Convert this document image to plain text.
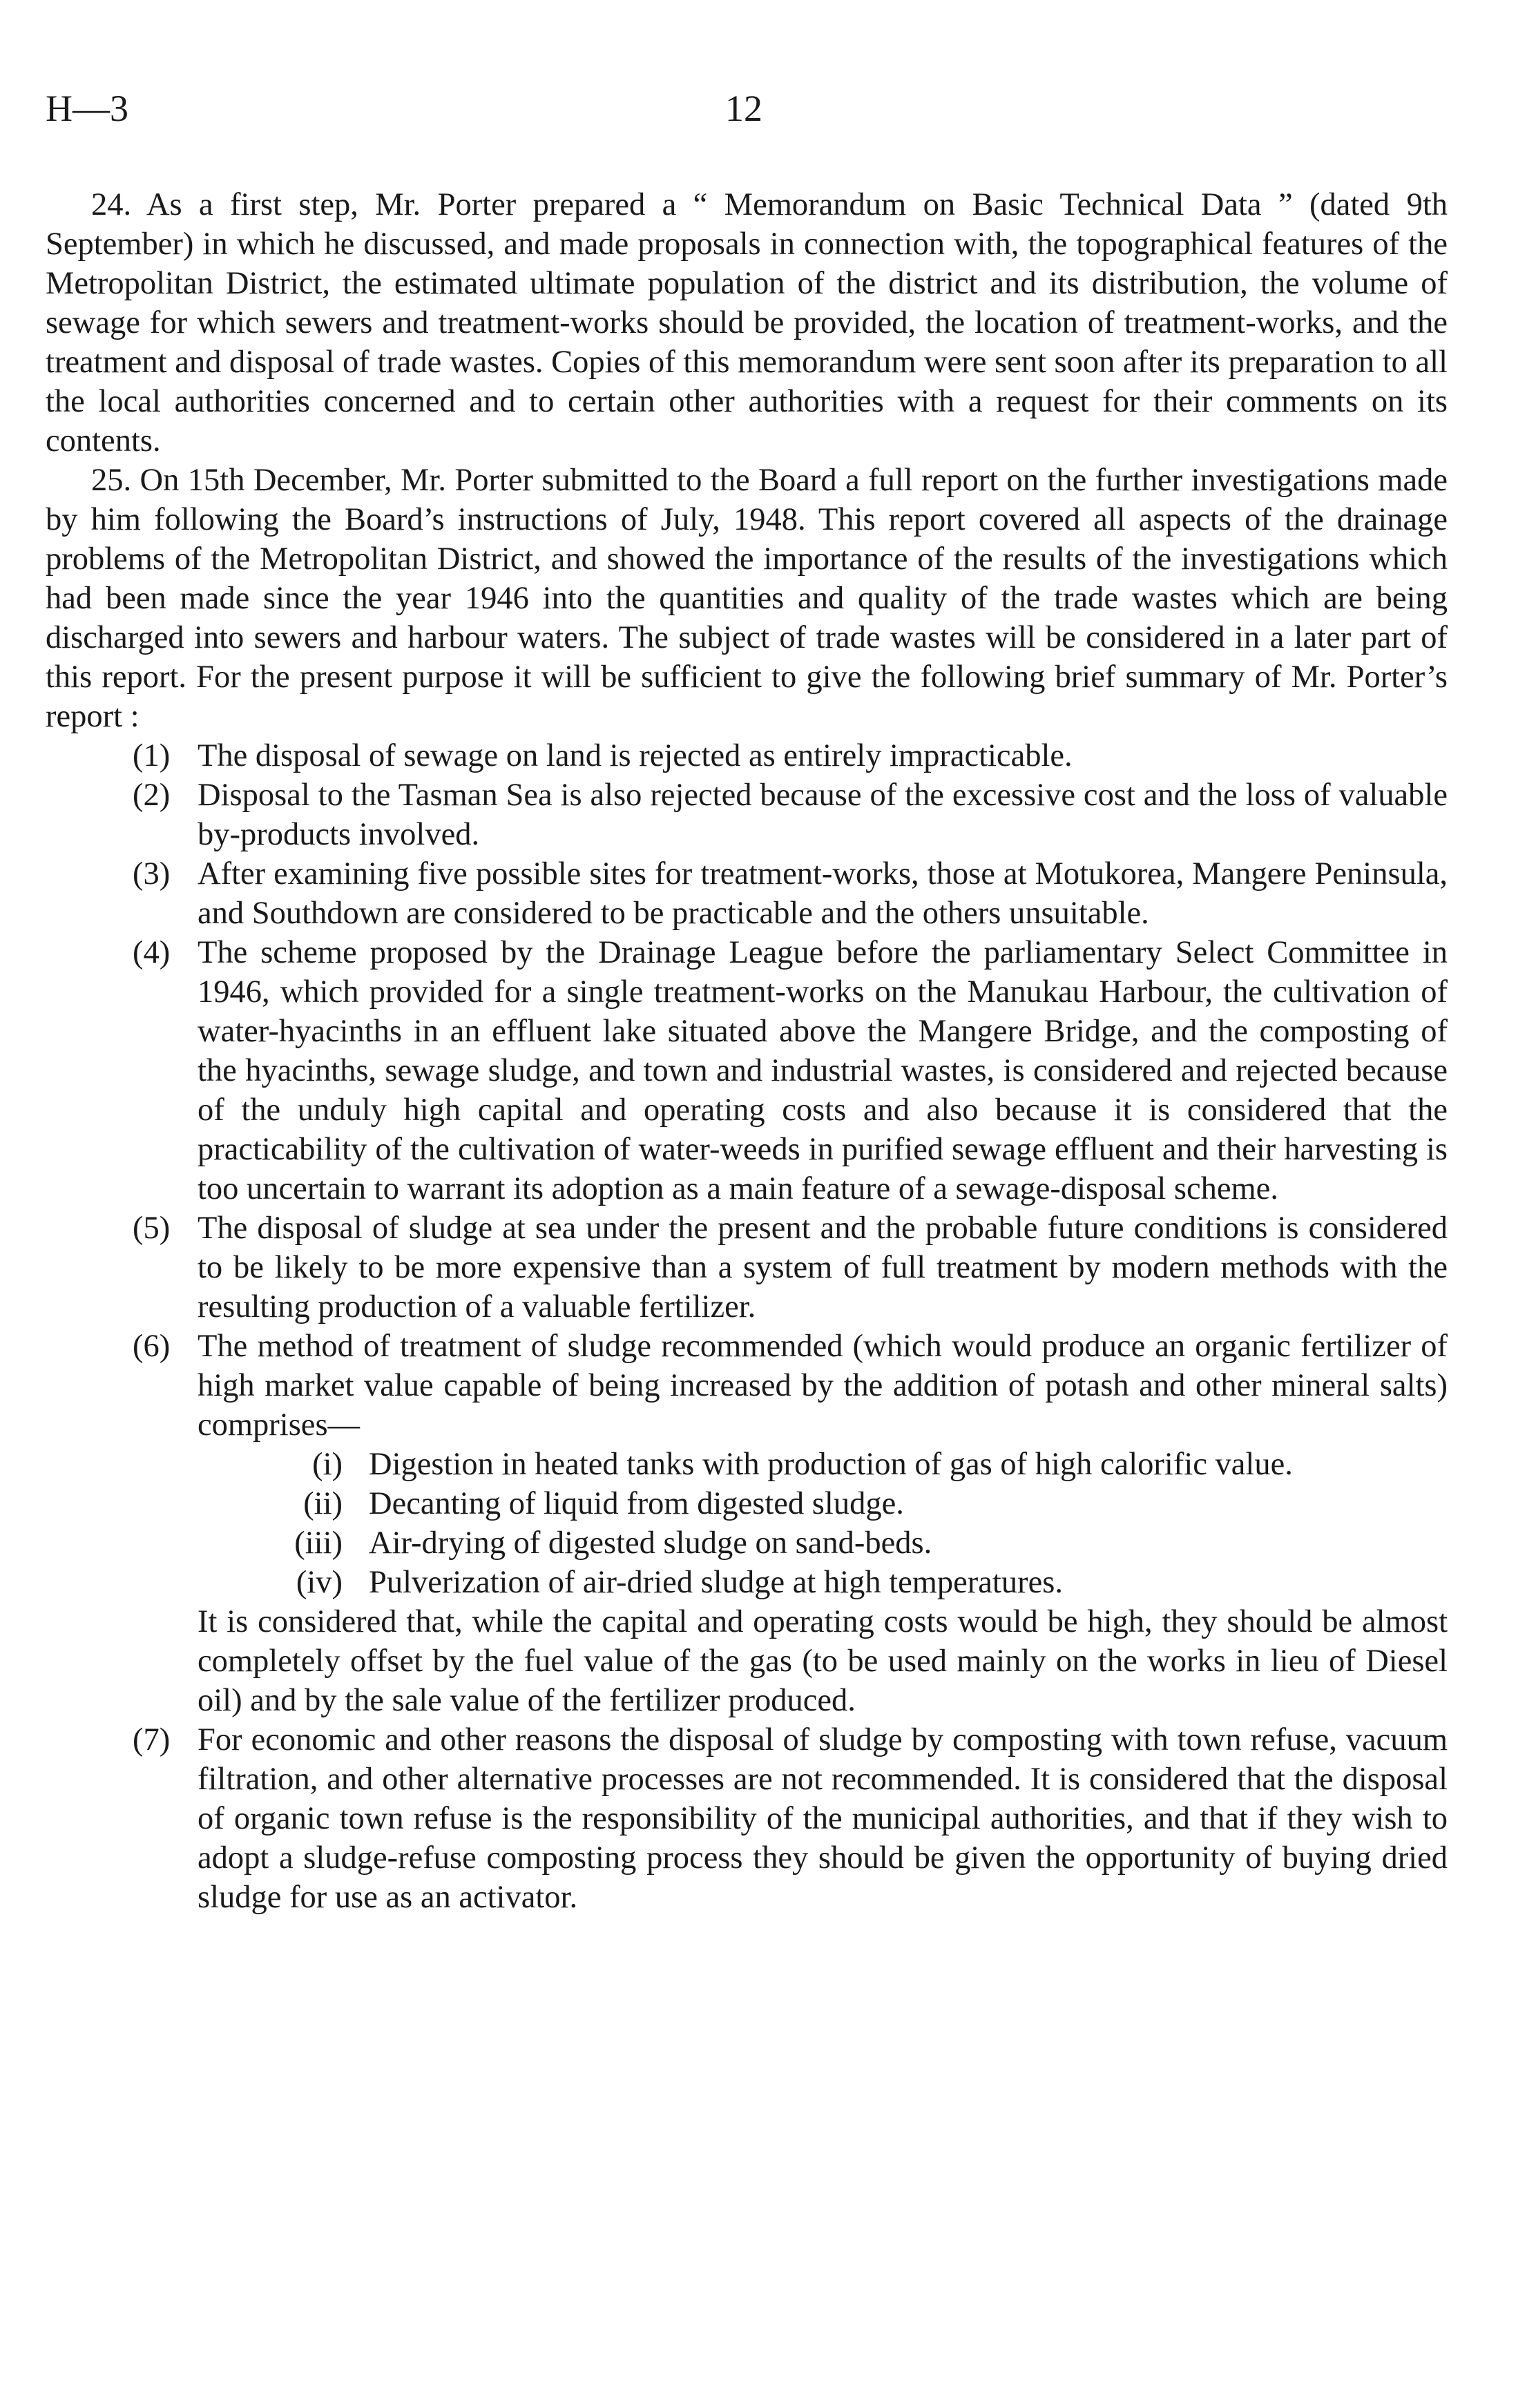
H—3	12

24. As a first step, Mr. Porter prepared a “ Memorandum on Basic Technical Data ” (dated 9th September) in which he discussed, and made proposals in connection with, the topographical features of the Metropolitan District, the estimated ultimate population of the district and its distribution, the volume of sewage for which sewers and treatment-works should be provided, the location of treatment-works, and the treatment and disposal of trade wastes. Copies of this memorandum were sent soon after its preparation to all the local authorities concerned and to certain other authorities with a request for their comments on its contents.

25. On 15th December, Mr. Porter submitted to the Board a full report on the further investigations made by him following the Board’s instructions of July, 1948. This report covered all aspects of the drainage problems of the Metropolitan District, and showed the importance of the results of the investigations which had been made since the year 1946 into the quantities and quality of the trade wastes which are being discharged into sewers and harbour waters. The subject of trade wastes will be considered in a later part of this report. For the present purpose it will be sufficient to give the following brief summary of Mr. Porter’s report :

(1) The disposal of sewage on land is rejected as entirely impracticable.
(2) Disposal to the Tasman Sea is also rejected because of the excessive cost and the loss of valuable by-products involved.
(3) After examining five possible sites for treatment-works, those at Motukorea, Mangere Peninsula, and Southdown are considered to be practicable and the others unsuitable.
(4) The scheme proposed by the Drainage League before the parliamentary Select Committee in 1946, which provided for a single treatment-works on the Manukau Harbour, the cultivation of water-hyacinths in an effluent lake situated above the Mangere Bridge, and the composting of the hyacinths, sewage sludge, and town and industrial wastes, is considered and rejected because of the unduly high capital and operating costs and also because it is considered that the practicability of the cultivation of water-weeds in purified sewage effluent and their harvesting is too uncertain to warrant its adoption as a main feature of a sewage-disposal scheme.
(5) The disposal of sludge at sea under the present and the probable future conditions is considered to be likely to be more expensive than a system of full treatment by modern methods with the resulting production of a valuable fertilizer.
(6) The method of treatment of sludge recommended (which would produce an organic fertilizer of high market value capable of being increased by the addition of potash and other mineral salts) comprises—
(i) Digestion in heated tanks with production of gas of high calorific value.
(ii) Decanting of liquid from digested sludge.
(iii) Air-drying of digested sludge on sand-beds.
(iv) Pulverization of air-dried sludge at high temperatures.

It is considered that, while the capital and operating costs would be high, they should be almost completely offset by the fuel value of the gas (to be used mainly on the works in lieu of Diesel oil) and by the sale value of the fertilizer produced.

(7) For economic and other reasons the disposal of sludge by composting with town refuse, vacuum filtration, and other alternative processes are not recommended. It is considered that the disposal of organic town refuse is the responsibility of the municipal authorities, and that if they wish to adopt a sludge-refuse composting process they should be given the opportunity of buying dried sludge for use as an activator.
